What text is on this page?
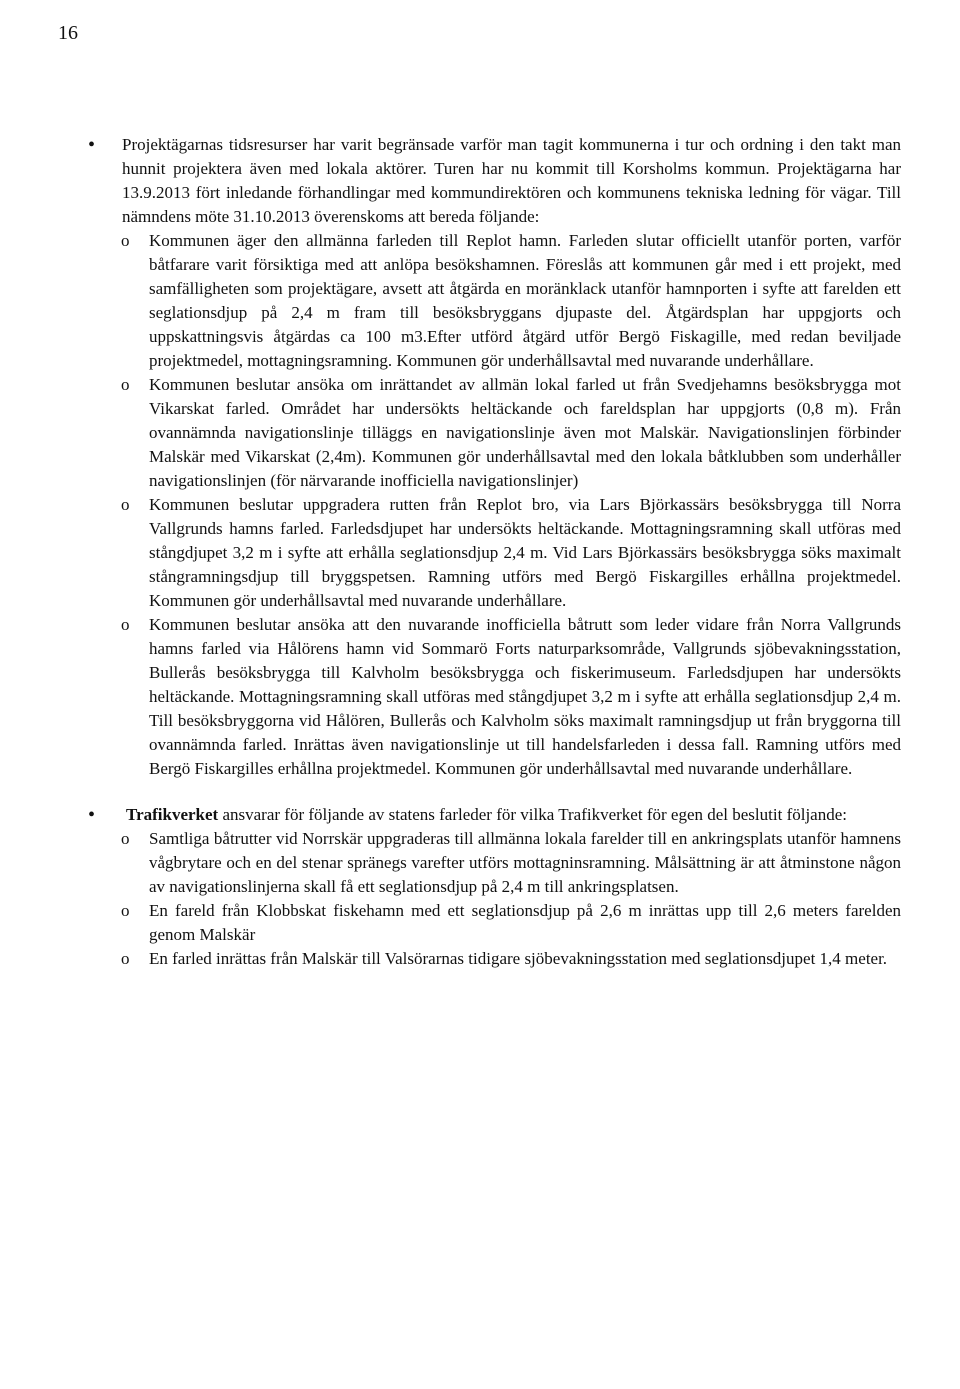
16
• Projektägarnas tidsresurser har varit begränsade varför man tagit kommunerna i tur och ordning i den takt man hunnit projektera även med lokala aktörer. Turen har nu kommit till Korsholms kommun. Projektägarna har 13.9.2013 fört inledande förhandlingar med kommundirektören och kommunens tekniska ledning för vägar. Till nämndens möte 31.10.2013 överenskoms att bereda följande:
o Kommunen äger den allmänna farleden till Replot hamn. Farleden slutar officiellt utanför porten, varför båtfarare varit försiktiga med att anlöpa besökshamnen. Föreslås att kommunen går med i ett projekt, med samfälligheten som projektägare, avsett att åtgärda en moränklack utanför hamnporten i syfte att farelden ett seglationsdjup på 2,4 m fram till besöksbryggans djupaste del. Åtgärdsplan har uppgjorts och uppskattningsvis åtgärdas ca 100 m3.Efter utförd åtgärd utför Bergö Fiskagille, med redan beviljade projektmedel, mottagningsramning. Kommunen gör underhållsavtal med nuvarande underhållare.
o Kommunen beslutar ansöka om inrättandet av allmän lokal farled ut från Svedjehamns besöksbrygga mot Vikarskat farled. Området har undersökts heltäckande och fareldsplan har uppgjorts (0,8 m). Från ovannämnda navigationslinje tilläggs en navigationslinje även mot Malskär. Navigationslinjen förbinder Malskär med Vikarskat (2,4m). Kommunen gör underhållsavtal med den lokala båtklubben som underhåller navigationslinjen (för närvarande inofficiella navigationslinjer)
o Kommunen beslutar uppgradera rutten från Replot bro, via Lars Björkassärs besöksbrygga till Norra Vallgrunds hamns farled. Farledsdjupet har undersökts heltäckande. Mottagningsramning skall utföras med stångdjupet 3,2 m i syfte att erhålla seglationsdjup 2,4 m. Vid Lars Björkassärs besöksbrygga söks maximalt stångramningsdjup till bryggspetsen. Ramning utförs med Bergö Fiskargilles erhållna projektmedel. Kommunen gör underhållsavtal med nuvarande underhållare.
o Kommunen beslutar ansöka att den nuvarande inofficiella båtrutt som leder vidare från Norra Vallgrunds hamns farled via Hålörens hamn vid Sommarö Forts naturparksområde, Vallgrunds sjöbevakningsstation, Bullerås besöksbrygga till Kalvholm besöksbrygga och fiskerimuseum. Farledsdjupen har undersökts heltäckande. Mottagningsramning skall utföras med stångdjupet 3,2 m i syfte att erhålla seglationsdjup 2,4 m. Till besöksbryggorna vid Hålören, Bullerås och Kalvholm söks maximalt ramningsdjup ut från bryggorna till ovannämnda farled. Inrättas även navigationslinje ut till handelsfarleden i dessa fall. Ramning utförs med Bergö Fiskargilles erhållna projektmedel. Kommunen gör underhållsavtal med nuvarande underhållare.
• Trafikverket ansvarar för följande av statens farleder för vilka Trafikverket för egen del beslutit följande:
o Samtliga båtrutter vid Norrskär uppgraderas till allmänna lokala farelder till en ankringsplats utanför hamnens vågbrytare och en del stenar spränegs varefter utförs mottagninsramning. Målsättning är att åtminstone någon av navigationslinjerna skall få ett seglationsdjup på 2,4 m till ankringsplatsen.
o En fareld från Klobbskat fiskehamn med ett seglationsdjup på 2,6 m inrättas upp till 2,6 meters farelden genom Malskär
o En farled inrättas från Malskär till Valsörarnas tidigare sjöbevakningsstation med seglationsdjupet 1,4 meter.
